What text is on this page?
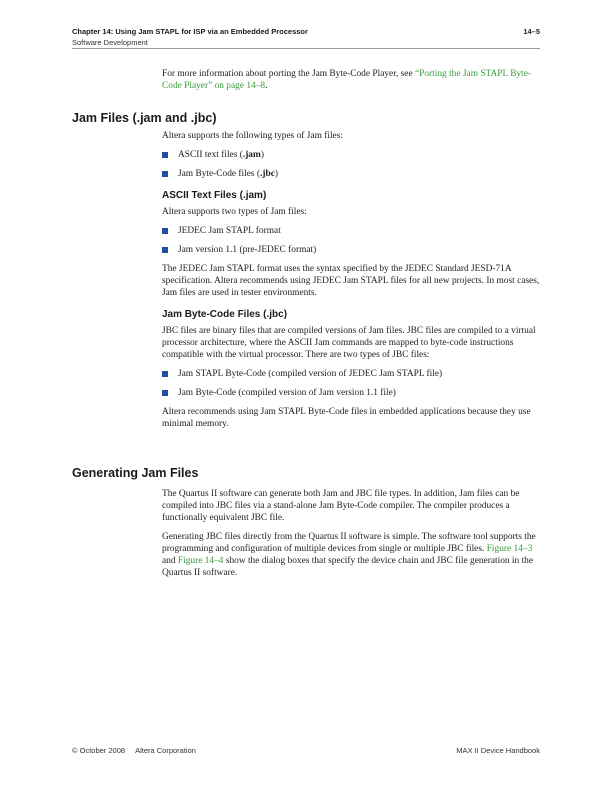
Chapter 14: Using Jam STAPL for ISP via an Embedded Processor	14–5
Software Development

For more information about porting the Jam Byte-Code Player, see “Porting the Jam STAPL Byte-Code Player” on page 14–8.

Jam Files (.jam and .jbc)

Altera supports the following types of Jam files:

ASCII text files (.jam)
Jam Byte-Code files (.jbc)
ASCII Text Files (.jam)

Altera supports two types of Jam files:

JEDEC Jam STAPL format
Jam version 1.1 (pre-JEDEC format)

The JEDEC Jam STAPL format uses the syntax specified by the JEDEC Standard JESD-71A specification. Altera recommends using JEDEC Jam STAPL files for all new projects. In most cases, Jam files are used in tester environments.

Jam Byte-Code Files (.jbc)

JBC files are binary files that are compiled versions of Jam files. JBC files are compiled to a virtual processor architecture, where the ASCII Jam commands are mapped to byte-code instructions compatible with the virtual processor. There are two types of JBC files:

Jam STAPL Byte-Code (compiled version of JEDEC Jam STAPL file)
Jam Byte-Code (compiled version of Jam version 1.1 file)

Altera recommends using Jam STAPL Byte-Code files in embedded applications because they use minimal memory.

Generating Jam Files

The Quartus II software can generate both Jam and JBC file types. In addition, Jam files can be compiled into JBC files via a stand-alone Jam Byte-Code compiler. The compiler produces a functionally equivalent JBC file.

Generating JBC files directly from the Quartus II software is simple. The software tool supports the programming and configuration of multiple devices from single or multiple JBC files. Figure 14–3 and Figure 14–4 show the dialog boxes that specify the device chain and JBC file generation in the Quartus II software.

© October 2008 Altera Corporation	MAX II Device Handbook
